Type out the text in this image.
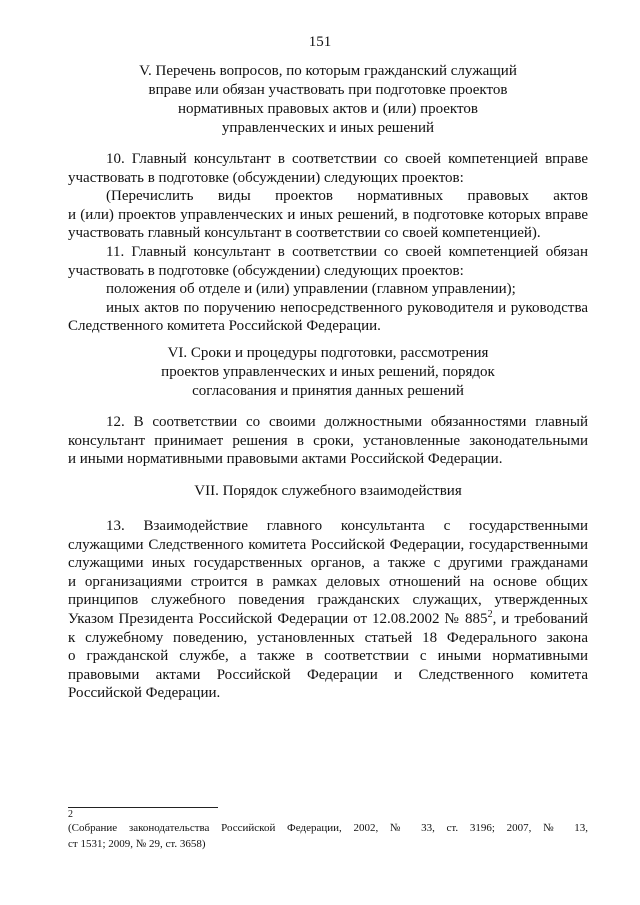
151
V. Перечень вопросов, по которым гражданский служащий
вправе или обязан участвовать при подготовке проектов
нормативных правовых актов и (или) проектов
управленческих и иных решений
10. Главный консультант в соответствии со своей компетенцией вправе
участвовать в подготовке (обсуждении) следующих проектов:
(Перечислить виды проектов нормативных правовых актов
и (или) проектов управленческих и иных решений, в подготовке которых вправе
участвовать главный консультант в соответствии со своей компетенцией).
11. Главный консультант в соответствии со своей компетенцией обязан
участвовать в подготовке (обсуждении) следующих проектов:
положения об отделе и (или) управлении (главном управлении);
иных актов по поручению непосредственного руководителя и руководства
Следственного комитета Российской Федерации.
VI. Сроки и процедуры подготовки, рассмотрения
проектов управленческих и иных решений, порядок
согласования и принятия данных решений
12. В соответствии со своими должностными обязанностями главный
консультант принимает решения в сроки, установленные законодательными
и иными нормативными правовыми актами Российской Федерации.
VII. Порядок служебного взаимодействия
13. Взаимодействие главного консультанта с государственными
служащими Следственного комитета Российской Федерации, государственными
служащими иных государственных органов, а также с другими гражданами
и организациями строится в рамках деловых отношений на основе общих
принципов служебного поведения гражданских служащих, утвержденных
Указом Президента Российской Федерации от 12.08.2002 № $885^2$, и требований
к служебному поведению, установленных статьей 18 Федерального закона
о гражданской службе, а также в соответствии с иными нормативными
правовыми актами Российской Федерации и Следственного комитета
Российской Федерации.
2
(Собрание законодательства Российской Федерации, 2002, № 33, ст. 3196; 2007, № 13,
ст 1531; 2009, № 29, ст. 3658)
